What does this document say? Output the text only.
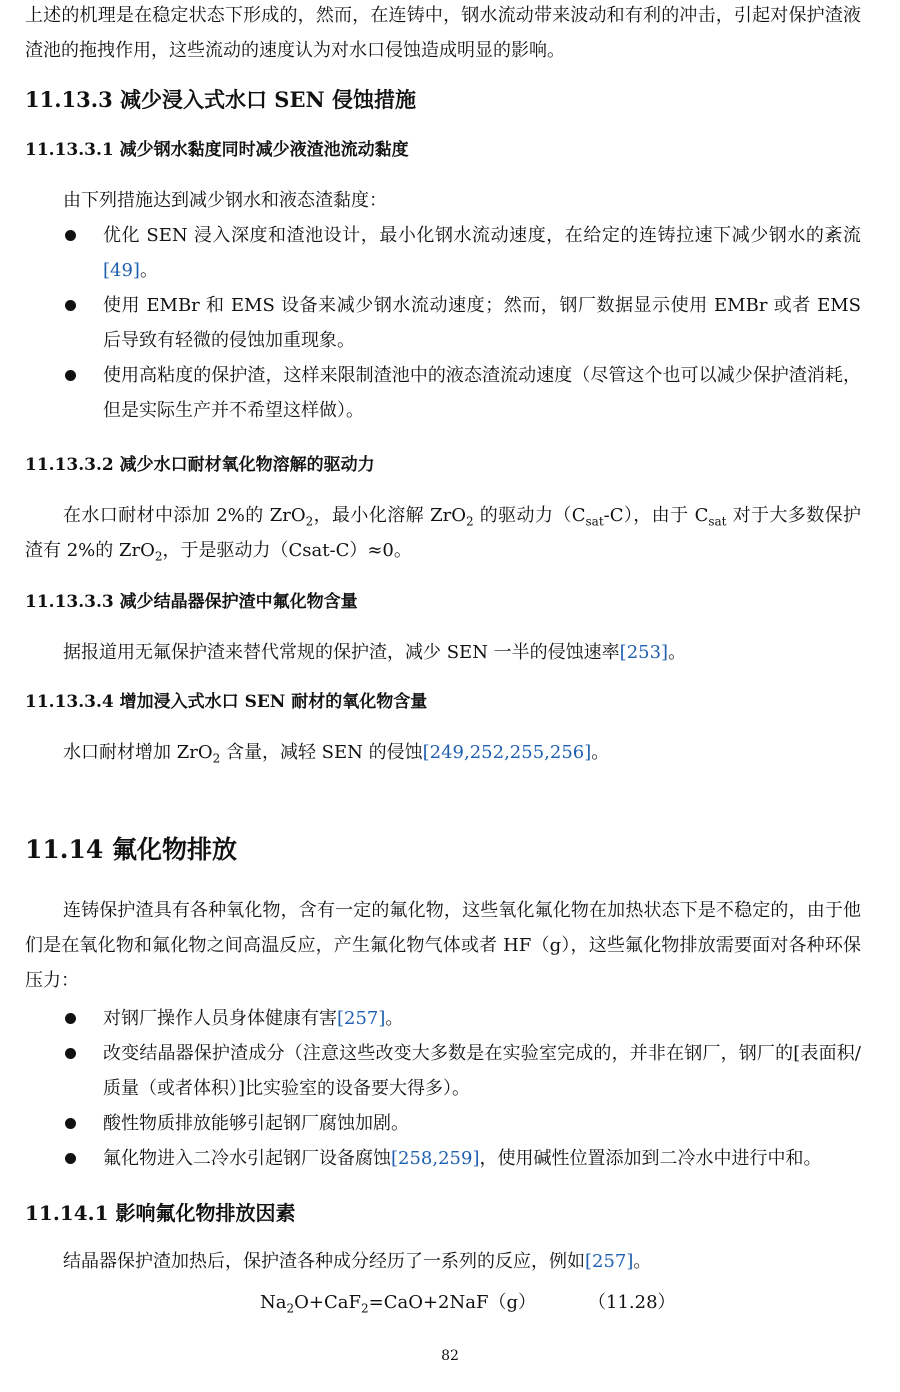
上述的机理是在稳定状态下形成的，然而，在连铸中，钢水流动带来波动和有利的冲击，引起对保护渣液渣池的拖拽作用，这些流动的速度认为对水口侵蚀造成明显的影响。

11.13.3 减少浸入式水口 SEN 侵蚀措施
11.13.3.1 减少钢水黏度同时减少液渣池流动黏度

由下列措施达到减少钢水和液态渣黏度：

优化 SEN 浸入深度和渣池设计，最小化钢水流动速度，在给定的连铸拉速下减少钢水的紊流[49]。
使用 EMBr 和 EMS 设备来减少钢水流动速度；然而，钢厂数据显示使用 EMBr 或者 EMS 后导致有轻微的侵蚀加重现象。
使用高粘度的保护渣，这样来限制渣池中的液态渣流动速度（尽管这个也可以减少保护渣消耗，但是实际生产并不希望这样做）。
11.13.3.2 减少水口耐材氧化物溶解的驱动力

在水口耐材中添加 2%的 ZrO$_2$，最小化溶解 ZrO$_2$ 的驱动力$(C_{sat}-C)$，由于 $C_{sat}$ 对于大多数保护渣有 2%的 ZrO$_2$，于是驱动力（Csat-C）≈0。

11.13.3.3 减少结晶器保护渣中氟化物含量

据报道用无氟保护渣来替代常规的保护渣，减少 SEN 一半的侵蚀速率[253]。

11.13.3.4 增加浸入式水口 SEN 耐材的氧化物含量

水口耐材增加 ZrO$_2$ 含量，减轻 SEN 的侵蚀[249,252,255,256]。

11.14 氟化物排放

连铸保护渣具有各种氧化物，含有一定的氟化物，这些氧化氟化物在加热状态下是不稳定的，由于他们是在氧化物和氟化物之间高温反应，产生氟化物气体或者 HF（g），这些氟化物排放需要面对各种环保压力：

对钢厂操作人员身体健康有害[257]。
改变结晶器保护渣成分（注意这些改变大多数是在实验室完成的，并非在钢厂，钢厂的[表面积/质量（或者体积）]比实验室的设备要大得多）。
酸性物质排放能够引起钢厂腐蚀加剧。
氟化物进入二冷水引起钢厂设备腐蚀[258,259]，使用碱性位置添加到二冷水中进行中和。
11.14.1 影响氟化物排放因素

结晶器保护渣加热后，保护渣各种成分经历了一系列的反应，例如[257]。

$Na_2O+CaF_2=CaO+2NaF(g)$	（11.28）
82
